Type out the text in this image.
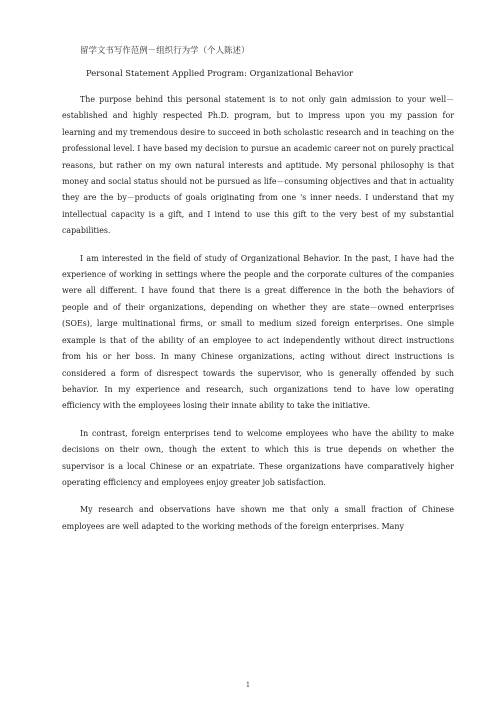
留学文书写作范例－组织行为学（个人陈述）
Personal Statement Applied Program: Organizational Behavior

The purpose behind this personal statement is to not only gain admission to your well－established and highly respected Ph.D. program, but to impress upon you my passion for learning and my tremendous desire to succeed in both scholastic research and in teaching on the professional level. I have based my decision to pursue an academic career not on purely practical reasons, but rather on my own natural interests and aptitude. My personal philosophy is that money and social status should not be pursued as life－consuming objectives and that in actuality they are the by－products of goals originating from one 's inner needs. I understand that my intellectual capacity is a gift, and I intend to use this gift to the very best of my substantial capabilities.

I am interested in the field of study of Organizational Behavior. In the past, I have had the experience of working in settings where the people and the corporate cultures of the companies were all different. I have found that there is a great difference in the both the behaviors of people and of their organizations, depending on whether they are state－owned enterprises (SOEs), large multinational firms, or small to medium sized foreign enterprises. One simple example is that of the ability of an employee to act independently without direct instructions from his or her boss. In many Chinese organizations, acting without direct instructions is considered a form of disrespect towards the supervisor, who is generally offended by such behavior. In my experience and research, such organizations tend to have low operating efficiency with the employees losing their innate ability to take the initiative.

In contrast, foreign enterprises tend to welcome employees who have the ability to make decisions on their own, though the extent to which this is true depends on whether the supervisor is a local Chinese or an expatriate. These organizations have comparatively higher operating efficiency and employees enjoy greater job satisfaction.

My research and observations have shown me that only a small fraction of Chinese employees are well adapted to the working methods of the foreign enterprises. Many

1
